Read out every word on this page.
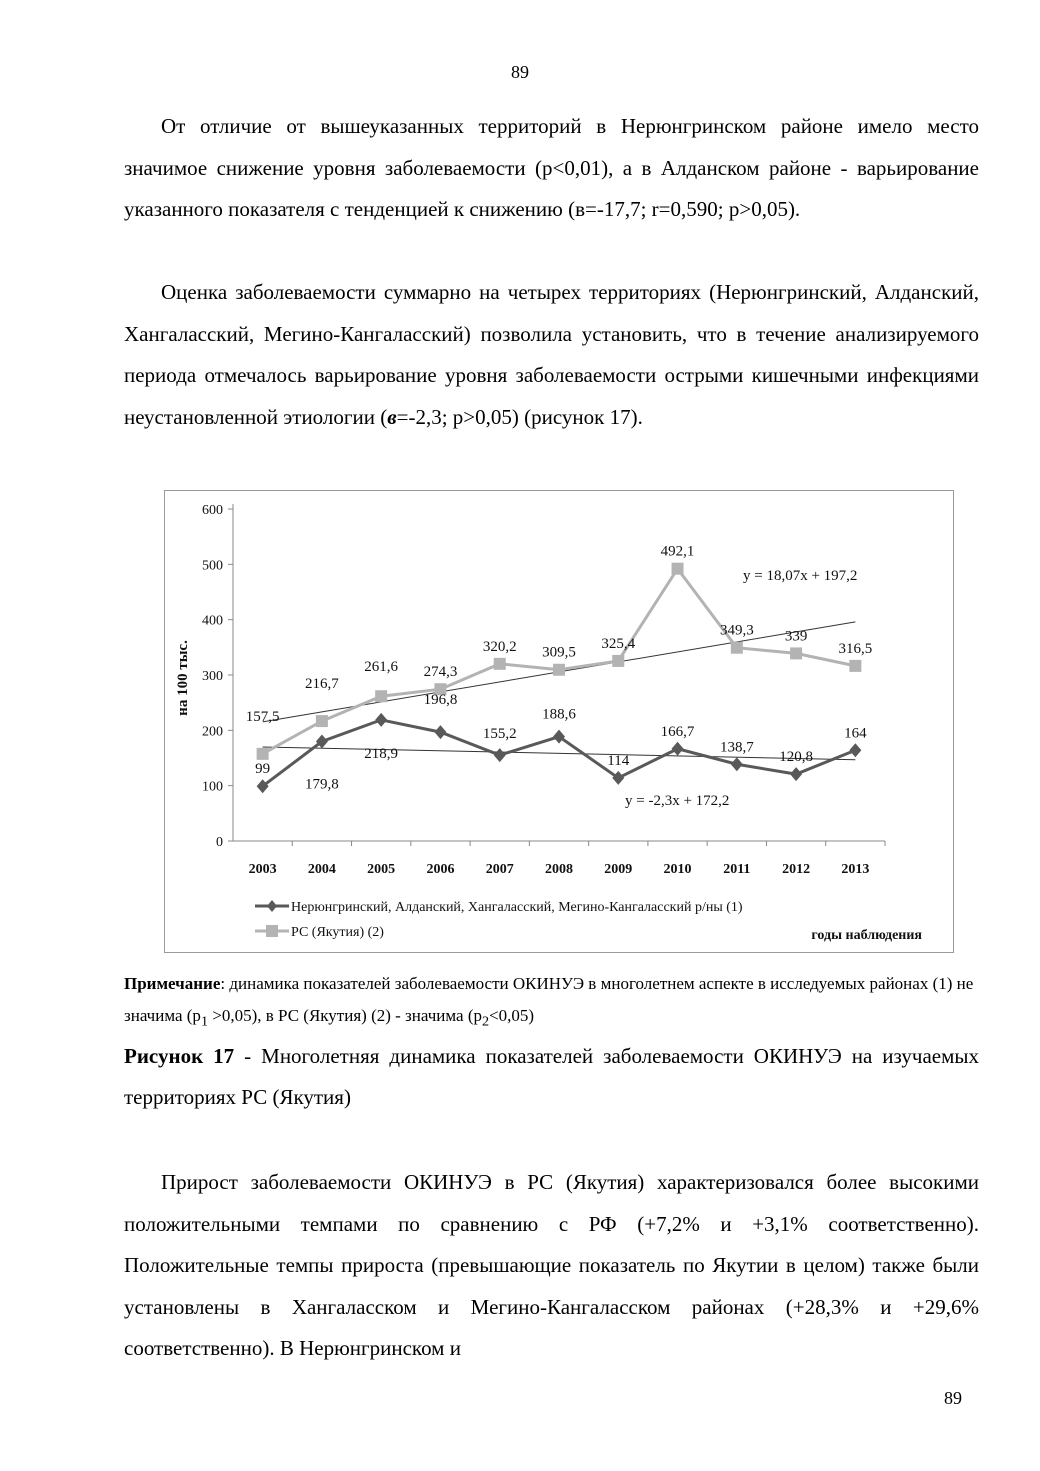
89

От отличие от вышеуказанных территорий в Нерюнгринском районе имело место значимое снижение уровня заболеваемости (р<0,01), а в Алданском районе - варьирование указанного показателя с тенденцией к снижению (в=-17,7; r=0,590; р>0,05).

Оценка заболеваемости суммарно на четырех территориях (Нерюнгринский, Алданский, Хангаласский, Мегино-Кангаласский) позволила установить, что в течение анализируемого периода отмечалось варьирование уровня заболеваемости острыми кишечными инфекциями неустановленной этиологии (в=-2,3; р>0,05) (рисунок 17).

0
100
200
300
400
500
600
2003 2004 2005 2006 2007 2008 2009 2010 2011 2012 2013
на 100 тыс.
y = 18,07x + 197,2
y = -2,3x + 172,2
99
179,8
218,9
196,8
155,2
188,6
114
166,7
138,7
120,8
164
157,5
216,7
261,6 274,3
320,2 309,5
325,4
492,1
349,3 339
316,5
Нерюнгринский, Алданский, Хангаласский, Мегино-Кангаласский р/ны (1)
РС (Якутия) (2)	годы наблюдения

Примечание: динамика показателей заболеваемости ОКИНУЭ в многолетнем аспекте в исследуемых районах (1) не значима $(р_1 >0,05)$, в РС (Якутия) (2) - значима $(р_2<0,05)$

Рисунок 17 - Многолетняя динамика показателей заболеваемости ОКИНУЭ на изучаемых территориях РС (Якутия)

Прирост заболеваемости ОКИНУЭ в РС (Якутия) характеризовался более высокими положительными темпами по сравнению с РФ (+7,2% и +3,1% соответственно). Положительные темпы прироста (превышающие показатель по Якутии в целом) также были установлены в Хангаласском и Мегино-Кангаласском районах (+28,3% и +29,6% соответственно). В Нерюнгринском и

89
